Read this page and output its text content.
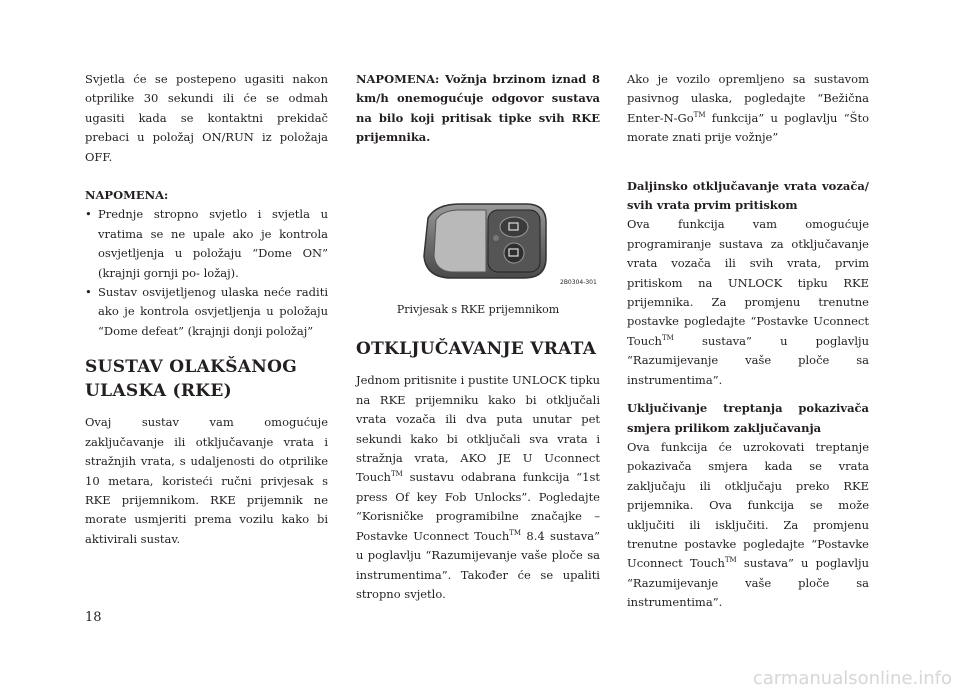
Svjetla će se postepeno ugasiti nakon otprilike 30 sekundi ili će se odmah ugasiti kada se kontaktni prekidač prebaci u položaj ON/RUN iz položaja OFF.

NAPOMENA:

• Prednje stropno svjetlo i svjetla u vratima se ne upale ako je kontrola osvjetljenja u položaju “Dome ON” (krajnji gornji po- ložaj).
• Sustav osvijetljenog ulaska neće raditi ako je kontrola osvjetljenja u položaju “Dome defeat” (krajnji donji položaj”
SUSTAV OLAKŠANOG ULASKA (RKE)

Ovaj sustav vam omogućuje zaključavanje ili otključavanje vrata i stražnjih vrata, s udaljenosti do otprilike 10 metara, koristeći ručni privjesak s RKE prijemnikom. RKE prijemnik ne morate usmjeriti prema vozilu kako bi aktivirali sustav.

NAPOMENA: Vožnja brzinom iznad 8 km/h onemogućuje odgovor sustava na bilo koji pritisak tipke svih RKE prijemnika.

2B0304-301
Privjesak s RKE prijemnikom
OTKLJUČAVANJE VRATA

Jednom pritisnite i pustite UNLOCK tipku na RKE prijemniku kako bi otključali vrata vozača ili dva puta unutar pet sekundi kako bi otključali sva vrata i stražnja vrata, AKO JE U Uconnect Touch™ sustavu odabrana funkcija “1st press Of key Fob Unlocks”. Pogledajte “Korisničke programibilne značajke – Postavke Uconnect Touch™ 8.4 sustava” u poglavlju “Razumijevanje vaše ploče sa instrumentima”. Također će se upaliti stropno svjetlo.

Ako je vozilo opremljeno sa sustavom pasivnog ulaska, pogledajte “Bežična Enter-N-Go™ funkcija” u poglavlju “Što morate znati prije vožnje”

Daljinsko otključavanje vrata vozača/ svih vrata prvim pritiskom

Ova funkcija vam omogućuje programiranje sustava za otključavanje vrata vozača ili svih vrata, prvim pritiskom na UNLOCK tipku RKE prijemnika. Za promjenu trenutne postavke pogledajte “Postavke Uconnect Touch™ sustava” u poglavlju “Razumijevanje vaše ploče sa instrumentima”.

Uključivanje treptanja pokazivača smjera prilikom zaključavanja

Ova funkcija će uzrokovati treptanje pokazivača smjera kada se vrata zaključaju ili otključaju preko RKE prijemnika. Ova funkcija se može uključiti ili isključiti. Za promjenu trenutne postavke pogledajte “Postavke Uconnect Touch™ sustava” u poglavlju “Razumijevanje vaše ploče sa instrumentima”.

18
carmanualsonline.info
